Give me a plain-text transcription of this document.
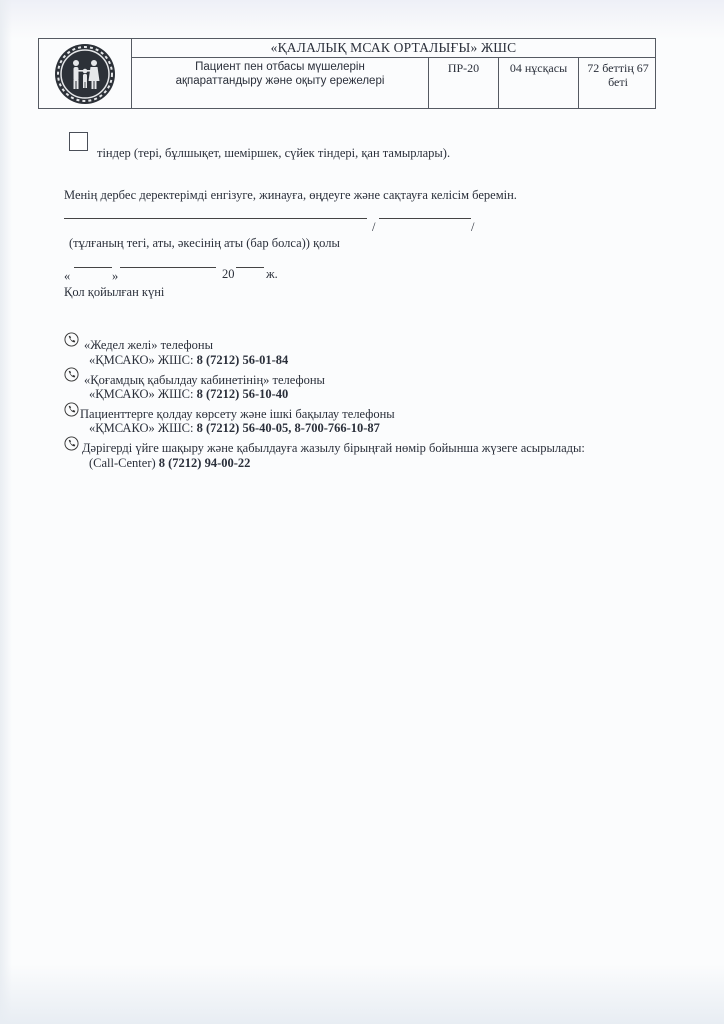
«ҚАЛАЛЫҚ МСАК ОРТАЛЫҒЫ» ЖШС
Пациент пен отбасы мүшелерін
ақпараттандыру және оқыту ережелері
ПР-20	04 нұсқасы	72 беттің 67 беті
тіндер (тері, бұлшықет, шеміршек, сүйек тіндері, қан тамырлары).
Менің дербес деректерімді енгізуге, жинауға, өңдеуге және сақтауға келісім беремін.
/	/
(тұлғаның тегі, аты, әкесінің аты (бар болса)) қолы
«	»	20	ж.
Қол қойылған күні
«Жедел желі» телефоны
«ҚМСАКО» ЖШС: 8 (7212) 56-01-84
«Қоғамдық қабылдау кабинетінің» телефоны
«ҚМСАКО» ЖШС: 8 (7212) 56-10-40
Пациенттерге қолдау көрсету және ішкі бақылау телефоны
«ҚМСАКО» ЖШС: 8 (7212) 56-40-05, 8-700-766-10-87
Дәрігерді үйге шақыру және қабылдауға жазылу бірыңғай нөмір бойынша жүзеге асырылады:
(Call-Center) 8 (7212) 94-00-22
